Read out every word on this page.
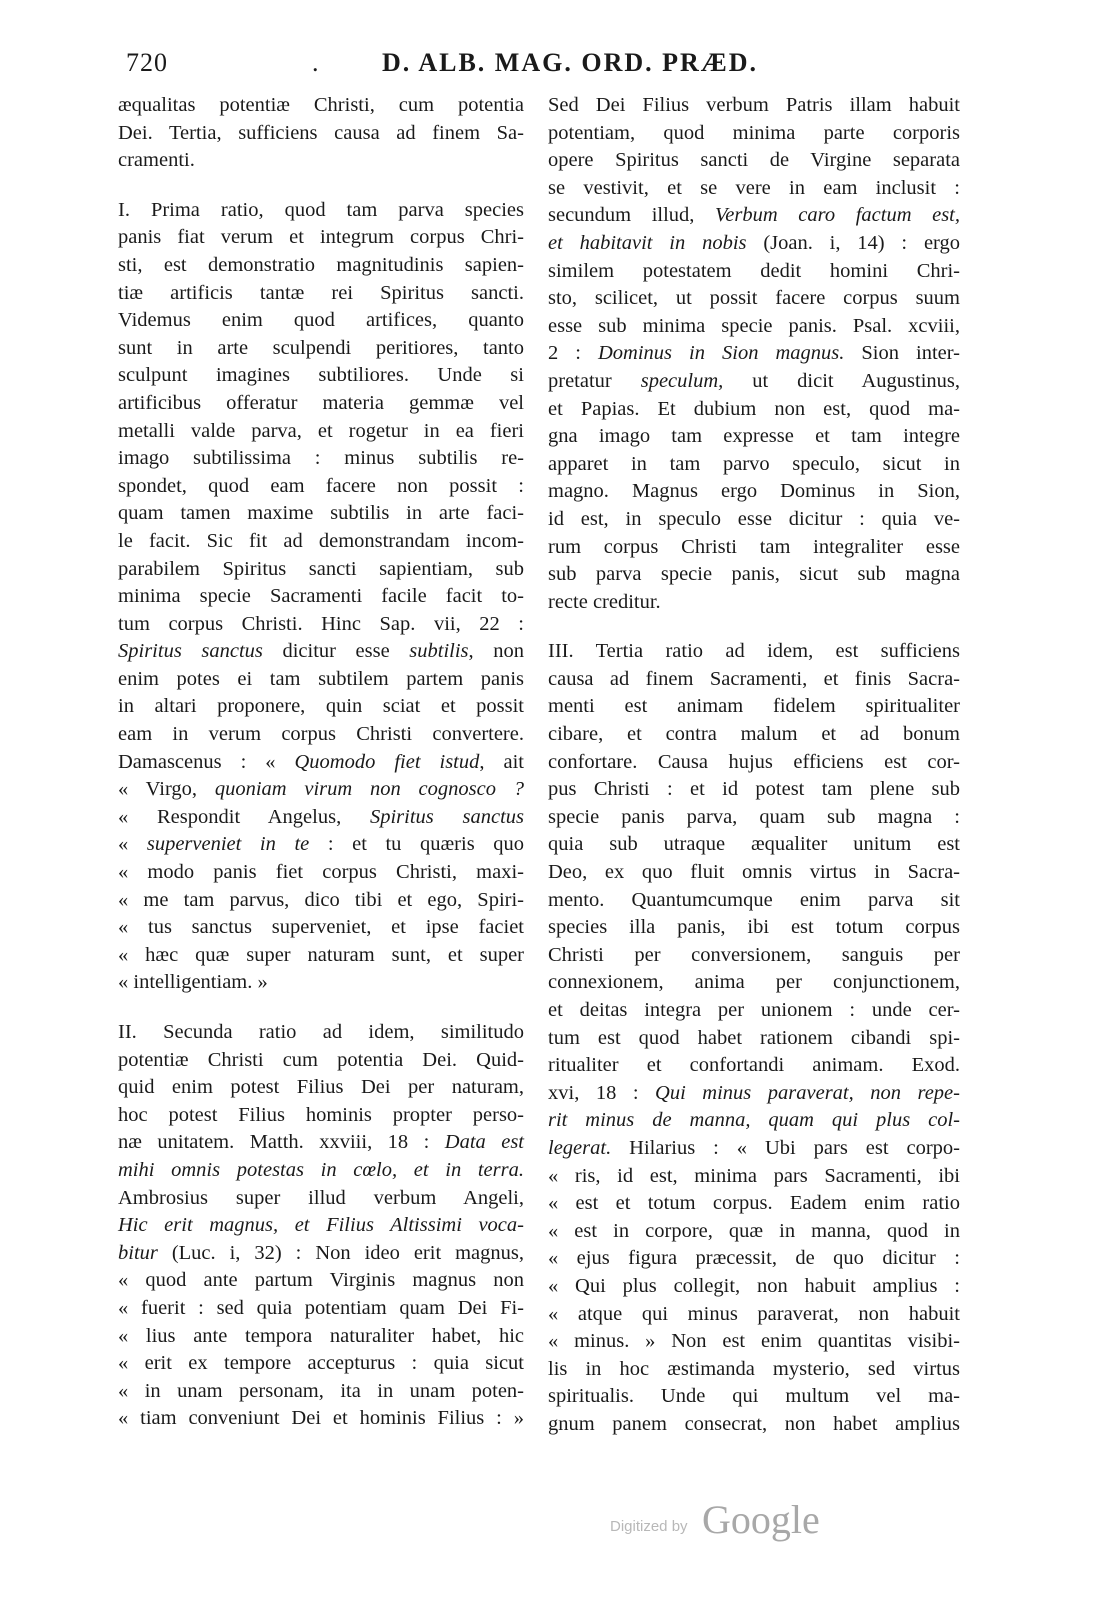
720	. D. ALB. MAG. ORD. PRÆD.
æqualitas potentiæ Christi, cum potentia
Dei. Tertia, sufficiens causa ad finem Sa-
cramenti.
I. Prima ratio, quod tam parva species
panis fiat verum et integrum corpus Chri-
sti, est demonstratio magnitudinis sapien-
tiæ artificis tantæ rei Spiritus sancti.
Videmus enim quod artifices, quanto
sunt in arte sculpendi peritiores, tanto
sculpunt imagines subtiliores. Unde si
artificibus offeratur materia gemmæ vel
metalli valde parva, et rogetur in ea fieri
imago subtilissima : minus subtilis re-
spondet, quod eam facere non possit :
quam tamen maxime subtilis in arte faci-
le facit. Sic fit ad demonstrandam incom-
parabilem Spiritus sancti sapientiam, sub
minima specie Sacramenti facile facit to-
tum corpus Christi. Hinc Sap. vii, 22 :
Spiritus sanctus dicitur esse subtilis, non
enim potes ei tam subtilem partem panis
in altari proponere, quin sciat et possit
eam in verum corpus Christi convertere.
Damascenus : « Quomodo fiet istud, ait
« Virgo, quoniam virum non cognosco ?
« Respondit Angelus, Spiritus sanctus
« superveniet in te : et tu quæris quo
« modo panis fiet corpus Christi, maxi-
« me tam parvus, dico tibi et ego, Spiri-
« tus sanctus superveniet, et ipse faciet
« hæc quæ super naturam sunt, et super
« intelligentiam. »
II. Secunda ratio ad idem, similitudo
potentiæ Christi cum potentia Dei. Quid-
quid enim potest Filius Dei per naturam,
hoc potest Filius hominis propter perso-
næ unitatem. Matth. xxviii, 18 : Data est
mihi omnis potestas in cœlo, et in terra.
Ambrosius super illud verbum Angeli,
Hic erit magnus, et Filius Altissimi voca-
bitur (Luc. i, 32) : Non ideo erit magnus,
« quod ante partum Virginis magnus non
« fuerit : sed quia potentiam quam Dei Fi-
« lius ante tempora naturaliter habet, hic
« erit ex tempore accepturus : quia sicut
« in unam personam, ita in unam poten-
« tiam conveniunt Dei et hominis Filius : »
Sed Dei Filius verbum Patris illam habuit
potentiam, quod minima parte corporis
opere Spiritus sancti de Virgine separata
se vestivit, et se vere in eam inclusit :
secundum illud, Verbum caro factum est,
et habitavit in nobis (Joan. i, 14) : ergo
similem potestatem dedit homini Chri-
sto, scilicet, ut possit facere corpus suum
esse sub minima specie panis. Psal. xcviii,
2 : Dominus in Sion magnus. Sion inter-
pretatur speculum, ut dicit Augustinus,
et Papias. Et dubium non est, quod ma-
gna imago tam expresse et tam integre
apparet in tam parvo speculo, sicut in
magno. Magnus ergo Dominus in Sion,
id est, in speculo esse dicitur : quia ve-
rum corpus Christi tam integraliter esse
sub parva specie panis, sicut sub magna
recte creditur.
III. Tertia ratio ad idem, est sufficiens
causa ad finem Sacramenti, et finis Sacra-
menti est animam fidelem spiritualiter
cibare, et contra malum et ad bonum
confortare. Causa hujus efficiens est cor-
pus Christi : et id potest tam plene sub
specie panis parva, quam sub magna :
quia sub utraque æqualiter unitum est
Deo, ex quo fluit omnis virtus in Sacra-
mento. Quantumcumque enim parva sit
species illa panis, ibi est totum corpus
Christi per conversionem, sanguis per
connexionem, anima per conjunctionem,
et deitas integra per unionem : unde cer-
tum est quod habet rationem cibandi spi-
ritualiter et confortandi animam. Exod.
xvi, 18 : Qui minus paraverat, non repe-
rit minus de manna, quam qui plus col-
legerat. Hilarius : « Ubi pars est corpo-
« ris, id est, minima pars Sacramenti, ibi
« est et totum corpus. Eadem enim ratio
« est in corpore, quæ in manna, quod in
« ejus figura præcessit, de quo dicitur :
« Qui plus collegit, non habuit amplius :
« atque qui minus paraverat, non habuit
« minus. » Non est enim quantitas visibi-
lis in hoc æstimanda mysterio, sed virtus
spiritualis. Unde qui multum vel ma-
gnum panem consecrat, non habet amplius
Digitized by Google
